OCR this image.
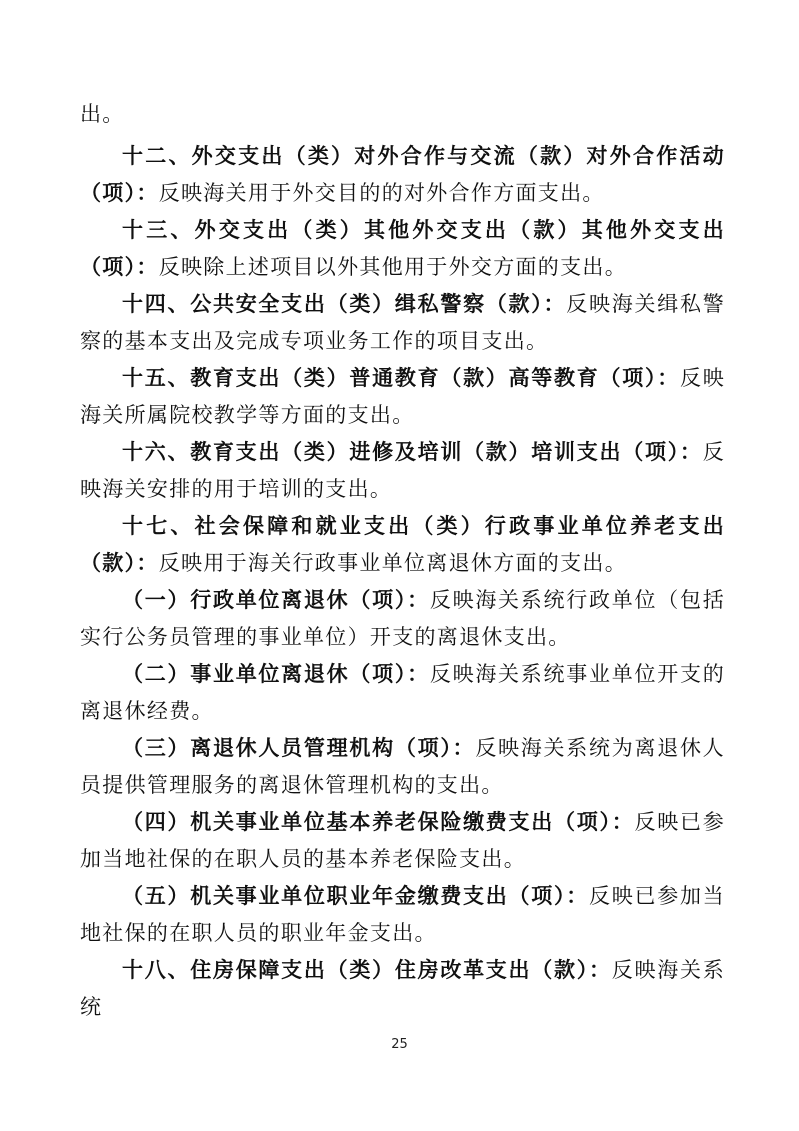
出。

十二、外交支出（类）对外合作与交流（款）对外合作活动（项）：反映海关用于外交目的的对外合作方面支出。

十三、外交支出（类）其他外交支出（款）其他外交支出（项）：反映除上述项目以外其他用于外交方面的支出。

十四、公共安全支出（类）缉私警察（款）：反映海关缉私警察的基本支出及完成专项业务工作的项目支出。

十五、教育支出（类）普通教育（款）高等教育（项）：反映海关所属院校教学等方面的支出。

十六、教育支出（类）进修及培训（款）培训支出（项）：反映海关安排的用于培训的支出。

十七、社会保障和就业支出（类）行政事业单位养老支出（款）：反映用于海关行政事业单位离退休方面的支出。

（一）行政单位离退休（项）：反映海关系统行政单位（包括实行公务员管理的事业单位）开支的离退休支出。

（二）事业单位离退休（项）：反映海关系统事业单位开支的离退休经费。

（三）离退休人员管理机构（项）：反映海关系统为离退休人员提供管理服务的离退休管理机构的支出。

（四）机关事业单位基本养老保险缴费支出（项）：反映已参加当地社保的在职人员的基本养老保险支出。

（五）机关事业单位职业年金缴费支出（项）：反映已参加当地社保的在职人员的职业年金支出。

十八、住房保障支出（类）住房改革支出（款）：反映海关系统

25
